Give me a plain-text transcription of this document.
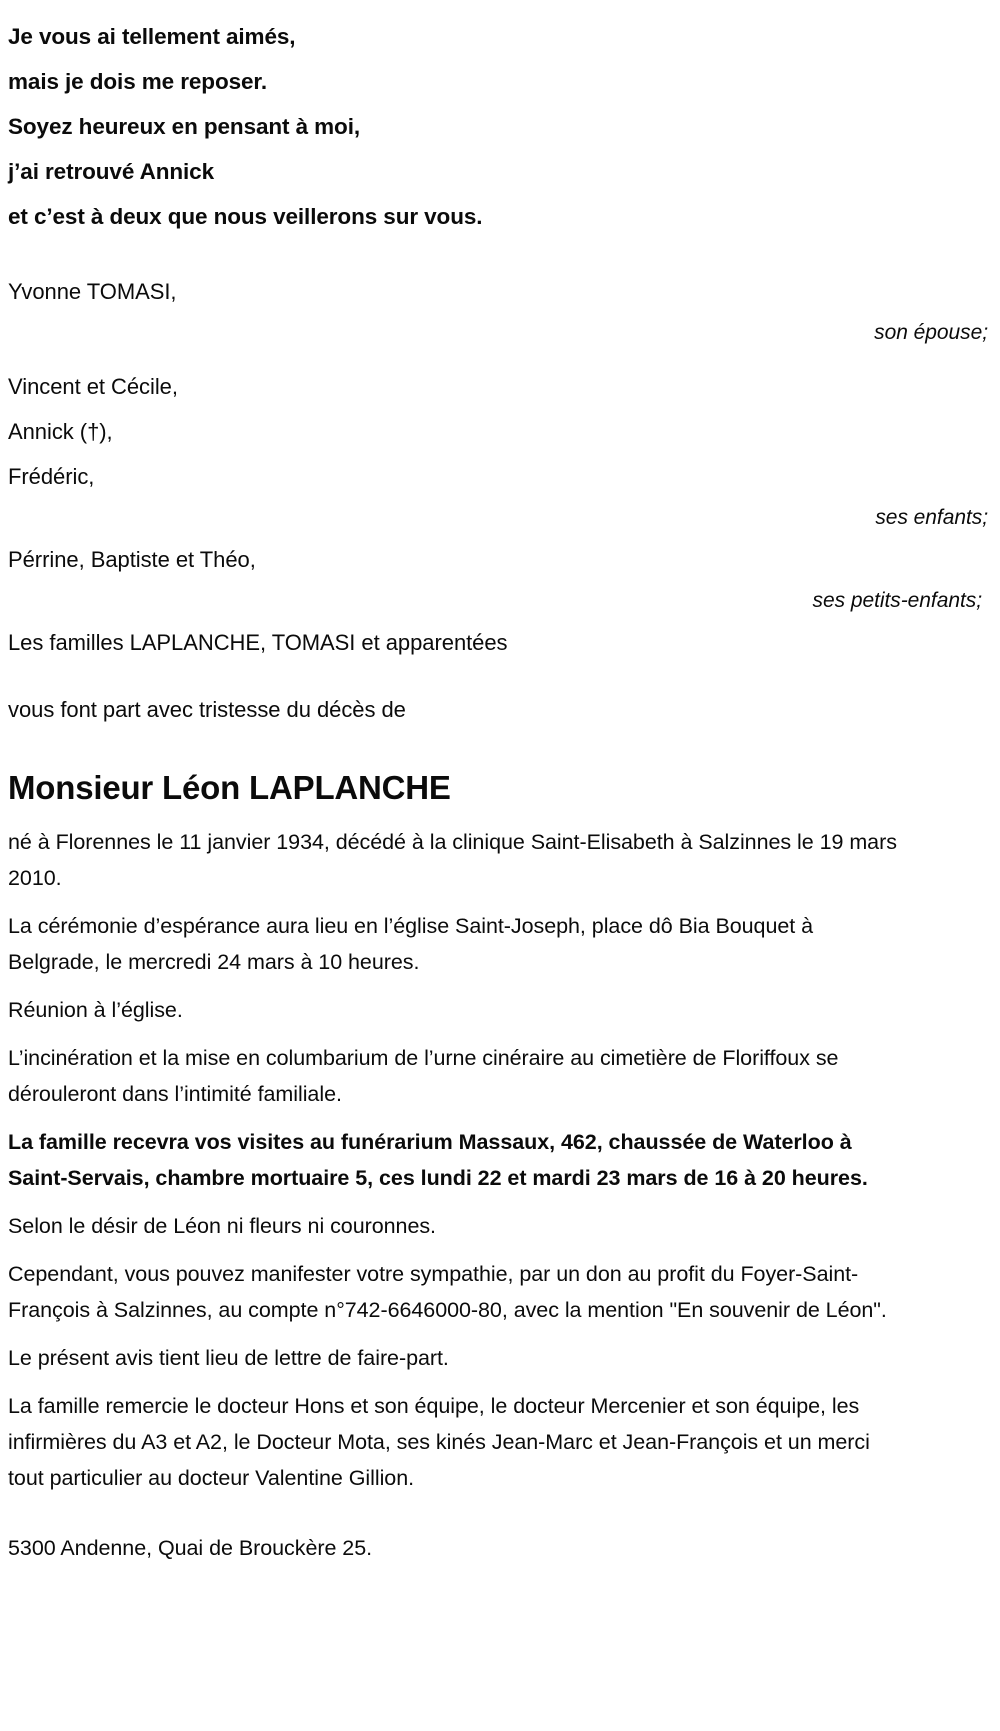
Je vous ai tellement aimés,
mais je dois me reposer.
Soyez heureux en pensant à moi,
j’ai retrouvé Annick
et c’est à deux que nous veillerons sur vous.
Yvonne TOMASI,
son épouse;
Vincent et Cécile,
Annick (†),
Frédéric,
ses enfants;
Pérrine, Baptiste et Théo,
ses petits-enfants;
Les familles LAPLANCHE, TOMASI et apparentées
vous font part avec tristesse du décès de
Monsieur Léon LAPLANCHE

né à Florennes le 11 janvier 1934, décédé à la clinique Saint-Elisabeth à Salzinnes le 19 mars 2010.

La cérémonie d’espérance aura lieu en l’église Saint-Joseph, place dô Bia Bouquet à Belgrade, le mercredi 24 mars à 10 heures.

Réunion à l’église.

L’incinération et la mise en columbarium de l’urne cinéraire au cimetière de Floriffoux se dérouleront dans l’intimité familiale.

La famille recevra vos visites au funérarium Massaux, 462, chaussée de Waterloo à Saint-Servais, chambre mortuaire 5, ces lundi 22 et mardi 23 mars de 16 à 20 heures.

Selon le désir de Léon ni fleurs ni couronnes.

Cependant, vous pouvez manifester votre sympathie, par un don au profit du Foyer-Saint-François à Salzinnes, au compte n°742-6646000-80, avec la mention "En souvenir de Léon".

Le présent avis tient lieu de lettre de faire-part.

La famille remercie le docteur Hons et son équipe, le docteur Mercenier et son équipe, les infirmières du A3 et A2, le Docteur Mota, ses kinés Jean-Marc et Jean-François et un merci tout particulier au docteur Valentine Gillion.

5300 Andenne, Quai de Brouckère 25.
